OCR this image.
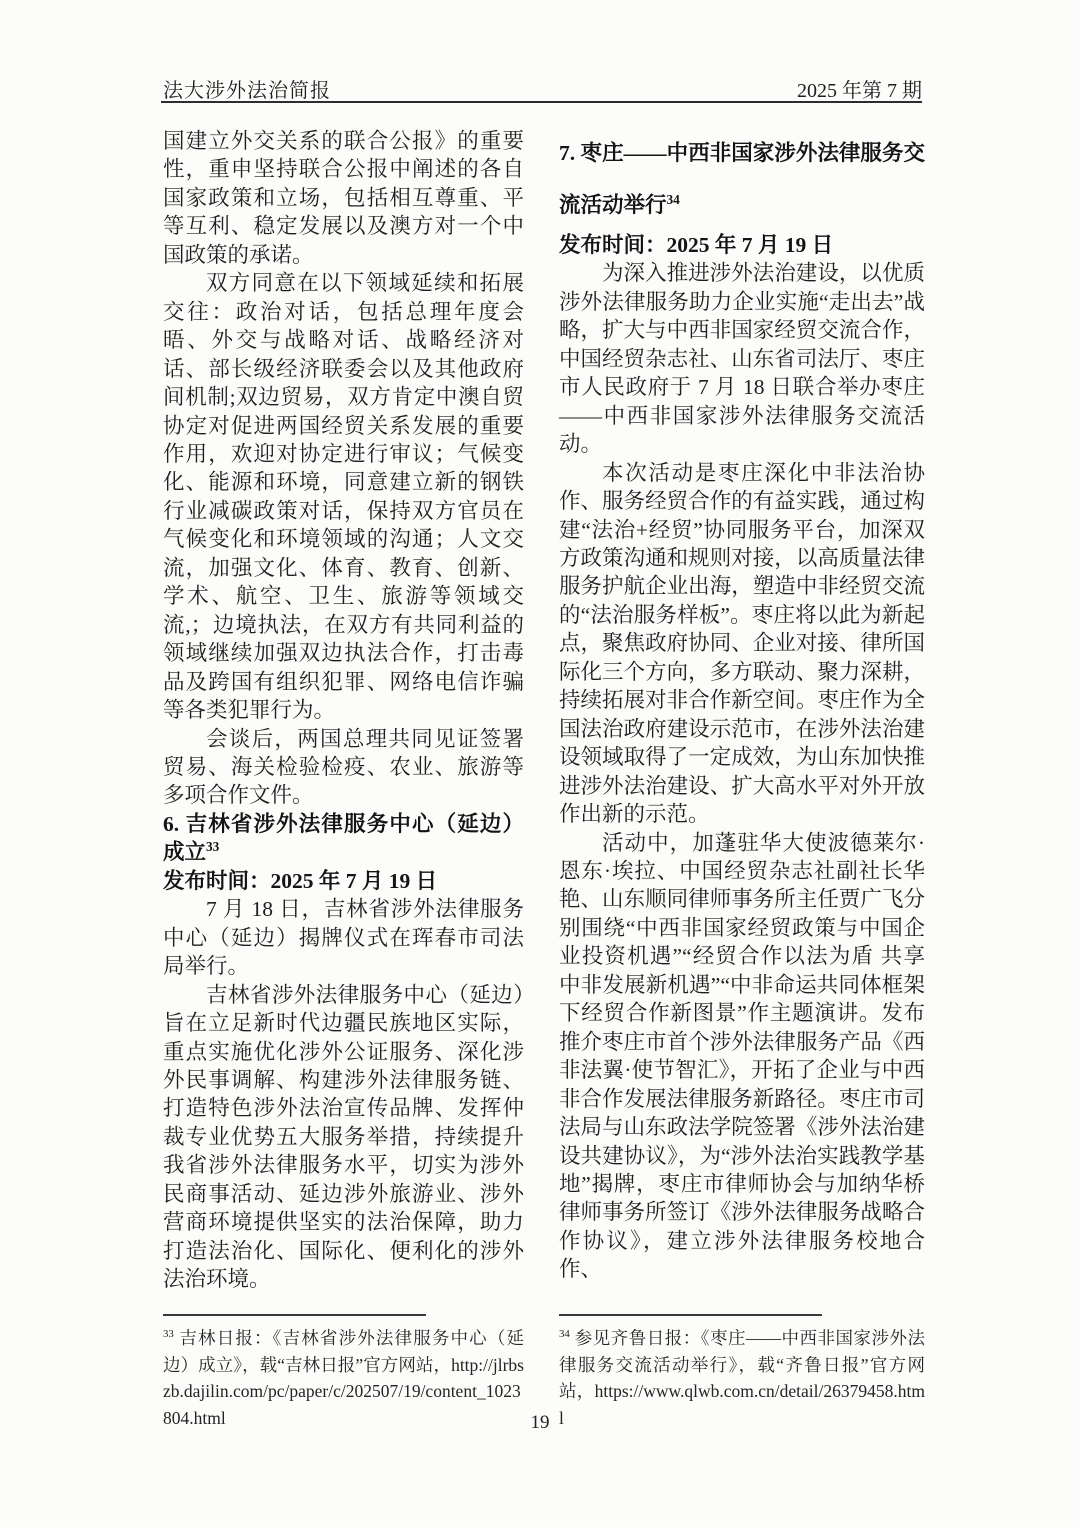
法大涉外法治简报	2025 年第 7 期

国建立外交关系的联合公报》的重要性，重申坚持联合公报中阐述的各自国家政策和立场，包括相互尊重、平等互利、稳定发展以及澳方对一个中国政策的承诺。

双方同意在以下领域延续和拓展交往：政治对话，包括总理年度会晤、外交与战略对话、战略经济对话、部长级经济联委会以及其他政府间机制;双边贸易，双方肯定中澳自贸协定对促进两国经贸关系发展的重要作用，欢迎对协定进行审议；气候变化、能源和环境，同意建立新的钢铁行业减碳政策对话，保持双方官员在气候变化和环境领域的沟通；人文交流，加强文化、体育、教育、创新、学术、航空、卫生、旅游等领域交流,；边境执法，在双方有共同利益的领域继续加强双边执法合作，打击毒品及跨国有组织犯罪、网络电信诈骗等各类犯罪行为。

会谈后，两国总理共同见证签署贸易、海关检验检疫、农业、旅游等多项合作文件。

6. 吉林省涉外法律服务中心（延边）成立$^{33}$

发布时间：2025 年 7 月 19 日

7 月 18 日，吉林省涉外法律服务中心（延边）揭牌仪式在珲春市司法局举行。

吉林省涉外法律服务中心（延边）旨在立足新时代边疆民族地区实际，重点实施优化涉外公证服务、深化涉外民事调解、构建涉外法律服务链、打造特色涉外法治宣传品牌、发挥仲裁专业优势五大服务举措，持续提升我省涉外法律服务水平，切实为涉外民商事活动、延边涉外旅游业、涉外营商环境提供坚实的法治保障，助力打造法治化、国际化、便利化的涉外法治环境。

7. 枣庄——中西非国家涉外法律服务交流活动举行$^{34}$

发布时间：2025 年 7 月 19 日

为深入推进涉外法治建设，以优质涉外法律服务助力企业实施“走出去”战略，扩大与中西非国家经贸交流合作，中国经贸杂志社、山东省司法厅、枣庄市人民政府于 7 月 18 日联合举办枣庄——中西非国家涉外法律服务交流活动。

本次活动是枣庄深化中非法治协作、服务经贸合作的有益实践，通过构建“法治+经贸”协同服务平台，加深双方政策沟通和规则对接，以高质量法律服务护航企业出海，塑造中非经贸交流的“法治服务样板”。枣庄将以此为新起点，聚焦政府协同、企业对接、律所国际化三个方向，多方联动、聚力深耕，持续拓展对非合作新空间。枣庄作为全国法治政府建设示范市，在涉外法治建设领域取得了一定成效，为山东加快推进涉外法治建设、扩大高水平对外开放作出新的示范。

活动中，加蓬驻华大使波德莱尔·恩东·埃拉、中国经贸杂志社副社长华艳、山东顺同律师事务所主任贾广飞分别围绕“中西非国家经贸政策与中国企业投资机遇”“经贸合作以法为盾 共享中非发展新机遇”“中非命运共同体框架下经贸合作新图景”作主题演讲。发布推介枣庄市首个涉外法律服务产品《西非法翼·使节智汇》，开拓了企业与中西非合作发展法律服务新路径。枣庄市司法局与山东政法学院签署《涉外法治建设共建协议》，为“涉外法治实践教学基地”揭牌，枣庄市律师协会与加纳华桥律师事务所签订《涉外法律服务战略合作协议》，建立涉外法律服务校地合作、

$^{33}$ 吉林日报：《吉林省涉外法律服务中心（延边）成立》，载“吉林日报”官方网站，http://jlrbszb.dajilin.com/pc/paper/c/202507/19/content_1023804.html

$^{34}$ 参见齐鲁日报：《枣庄——中西非国家涉外法律服务交流活动举行》，载“齐鲁日报”官方网站，https://www.qlwb.com.cn/detail/26379458.html

19
